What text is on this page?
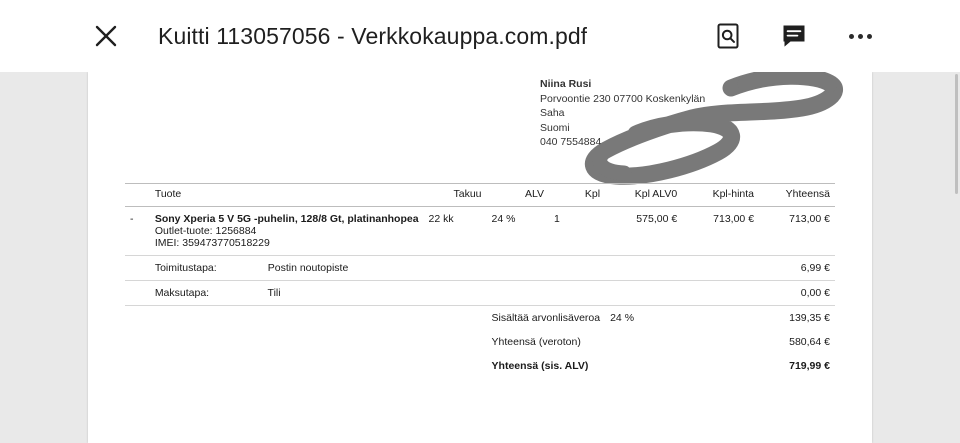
Kuitti 113057056 - Verkkokauppa.com.pdf
Niina Rusi
Porvoontie 230 07700 Koskenkylän
Saha
Suomi
040 7554884
	Tuote	Takuu	ALV	Kpl	Kpl ALV0	Kpl-hinta	Yhteensä
-	Sony Xperia 5 V 5G -puhelin, 128/8 Gt, platinanhopea
Outlet-tuote: 1256884
IMEI: 359473770518229	22 kk	24 %	1	575,00 €	713,00 €	713,00 €
	Toimitustapa: Postin noutopiste						6,99 €
	Maksutapa: Tili						0,00 €
			Sisältää arvonlisäveroa		24 %		139,35 €
			Yhteensä (veroton)				580,64 €
			Yhteensä (sis. ALV)				719,99 €
